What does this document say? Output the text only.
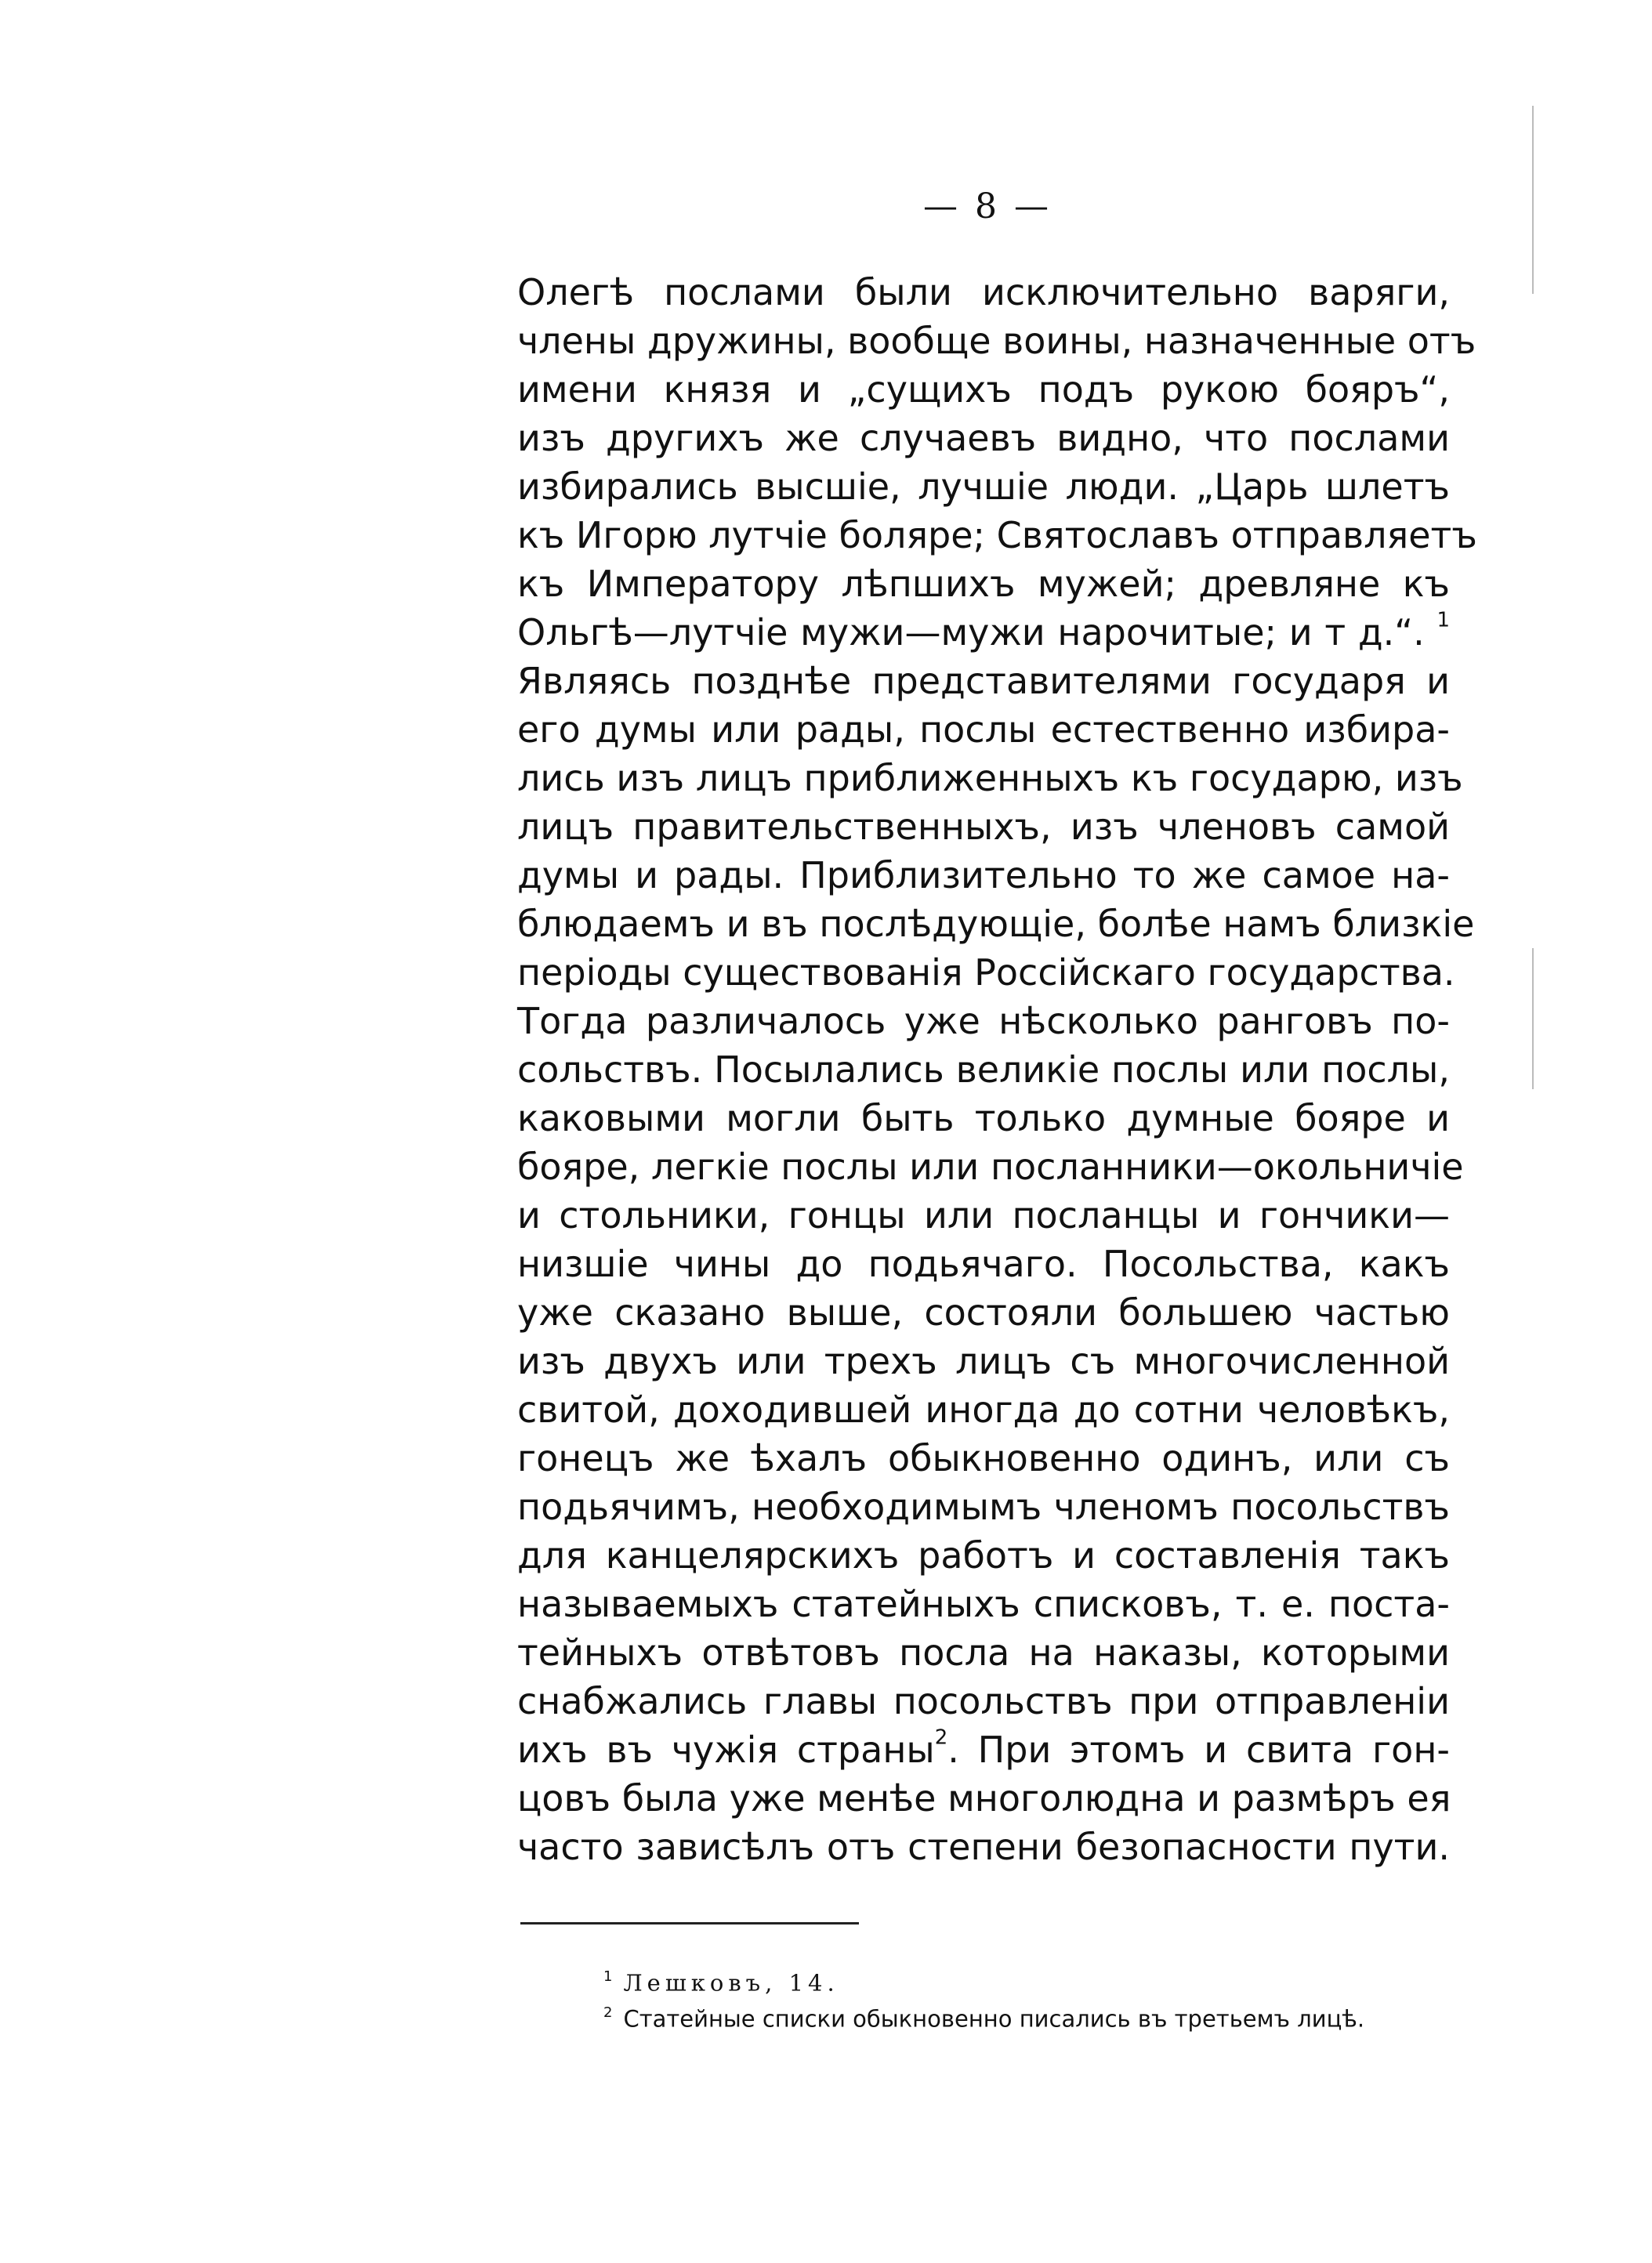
— 8 —
Олегѣ послами были исключительно варяги,
члены дружины, вообще воины, назначенные отъ
имени князя и „сущихъ подъ рукою бояръ“,
изъ другихъ же случаевъ видно, что послами
избирались высшіе, лучшіе люди. „Царь шлетъ
къ Игорю лутчіе боляре; Святославъ отправляетъ
къ Императору лѣпшихъ мужей; древляне къ
Ольгѣ—лутчіе мужи—мужи нарочитые; и т д.“. $^1$
Являясь позднѣе представителями государя и
его думы или рады, послы естественно избира-
лись изъ лицъ приближенныхъ къ государю, изъ
лицъ правительственныхъ, изъ членовъ самой
думы и рады. Приблизительно то же самое на-
блюдаемъ и въ послѣдующіе, болѣе намъ близкіе
періоды существованія Россійскаго государства.
Тогда различалось уже нѣсколько ранговъ по-
сольствъ. Посылались великіе послы или послы,
каковыми могли быть только думные бояре и
бояре, легкіе послы или посланники—окольничіе
и стольники, гонцы или посланцы и гончики—
низшіе чины до подьячаго. Посольства, какъ
уже сказано выше, состояли большею частью
изъ двухъ или трехъ лицъ съ многочисленной
свитой, доходившей иногда до сотни человѣкъ,
гонецъ же ѣхалъ обыкновенно одинъ, или съ
подьячимъ, необходимымъ членомъ посольствъ
для канцелярскихъ работъ и составленія такъ
называемыхъ статейныхъ списковъ, т. е. поста-
тейныхъ отвѣтовъ посла на наказы, которыми
снабжались главы посольствъ при отправленіи
ихъ въ чужія страны$^2$. При этомъ и свита гон-
цовъ была уже менѣе многолюдна и размѣръ ея
часто зависѣлъ отъ степени безопасности пути.
$^1$ Лешковъ, 14.
$^2$ Статейные списки обыкновенно писались въ третьемъ лицѣ.
